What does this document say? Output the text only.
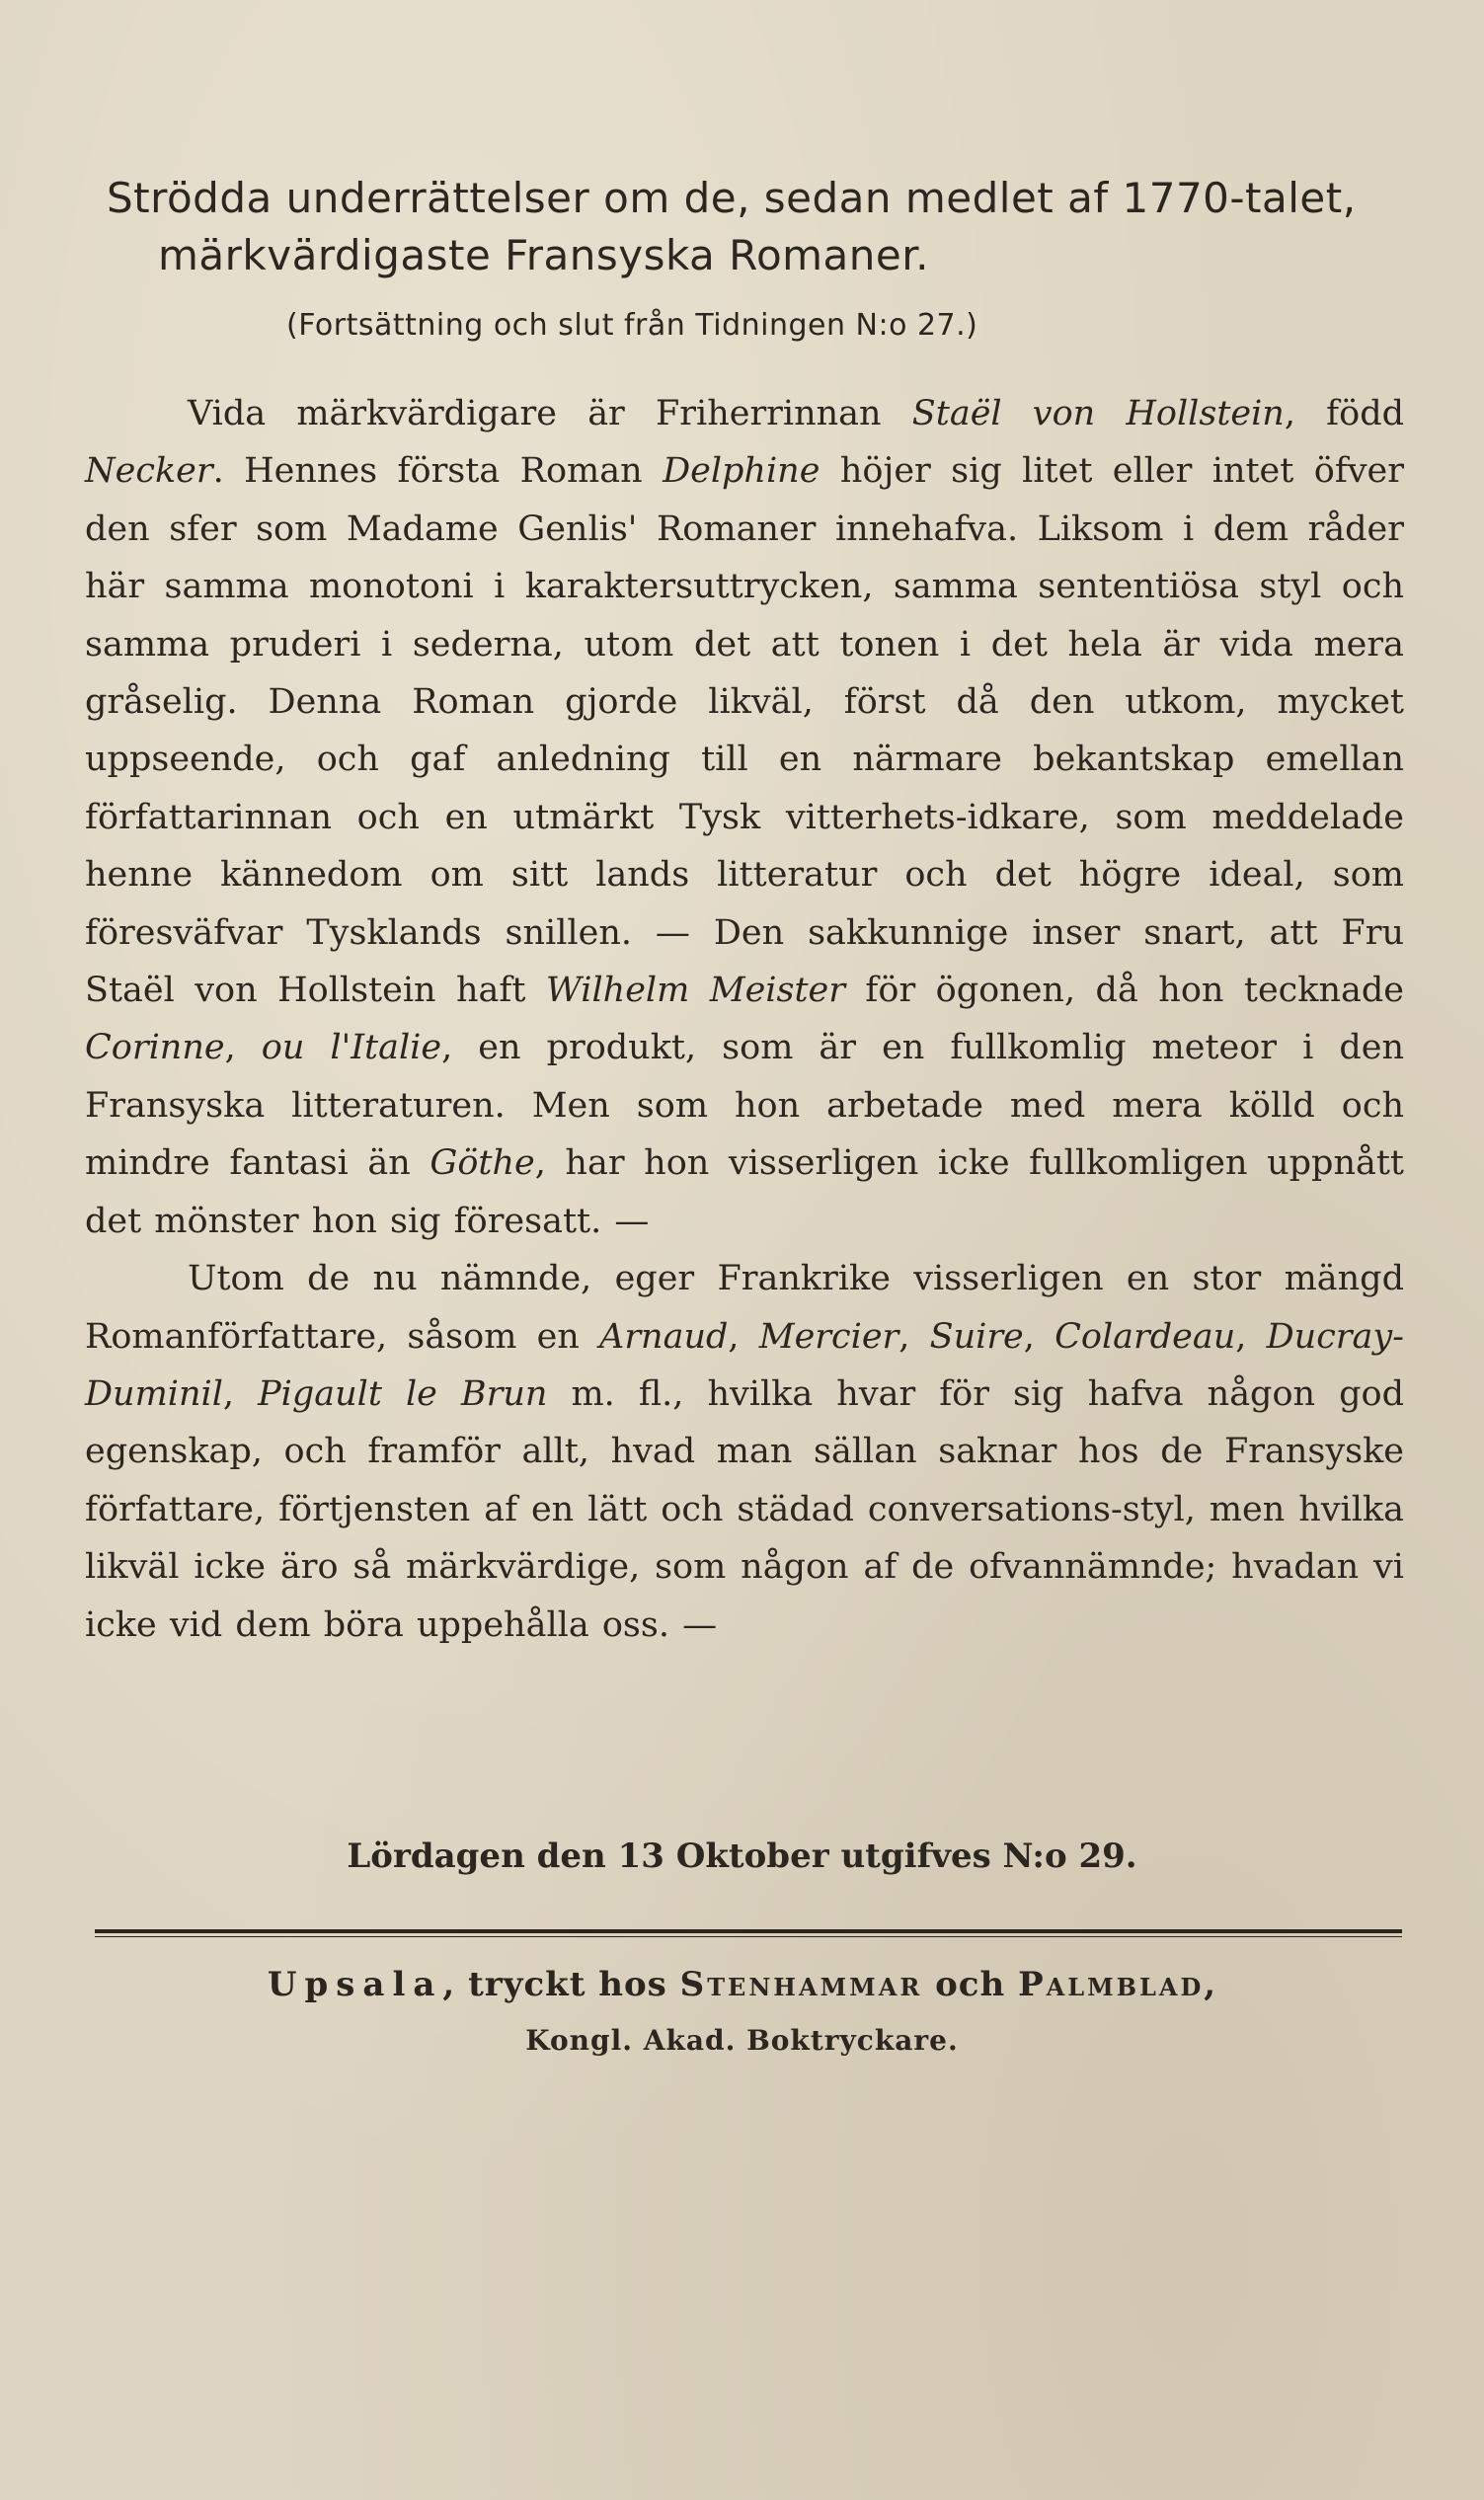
Strödda underrättelser om de, sedan medlet af 1770-talet,
märkvärdigaste Fransyska Romaner.
(Fortsättning och slut från Tidningen N:o 27.)

Vida märkvärdigare är Friherrinnan Staël von Hollstein, född Necker. Hennes första Roman Delphine höjer sig litet eller intet öfver den sfer som Madame Genlis' Romaner innehafva. Liksom i dem råder här samma monotoni i karaktersuttrycken, samma sententiösa styl och samma pruderi i sederna, utom det att tonen i det hela är vida mera gråselig. Denna Roman gjorde likväl, först då den utkom, mycket uppseende, och gaf anledning till en närmare bekantskap emellan författarinnan och en utmärkt Tysk vitterhets-idkare, som meddelade henne kännedom om sitt lands litteratur och det högre ideal, som föresväfvar Tysklands snillen. — Den sakkunnige inser snart, att Fru Staël von Hollstein haft Wilhelm Meister för ögonen, då hon tecknade Corinne, ou l'Italie, en produkt, som är en fullkomlig meteor i den Fransyska litteraturen. Men som hon arbetade med mera kölld och mindre fantasi än Göthe, har hon visserligen icke fullkomligen uppnått det mönster hon sig föresatt. —

Utom de nu nämnde, eger Frankrike visserligen en stor mängd Romanförfattare, såsom en Arnaud, Mercier, Suire, Colardeau, Ducray-Duminil, Pigault le Brun m. fl., hvilka hvar för sig hafva någon god egenskap, och framför allt, hvad man sällan saknar hos de Fransyske författare, förtjensten af en lätt och städad conversations-styl, men hvilka likväl icke äro så märkvärdige, som någon af de ofvannämnde; hvadan vi icke vid dem böra uppehålla oss. —

Lördagen den 13 Oktober utgifves N:o 29.
Upsala, tryckt hos Stenhammar och Palmblad,
Kongl. Akad. Boktryckare.
